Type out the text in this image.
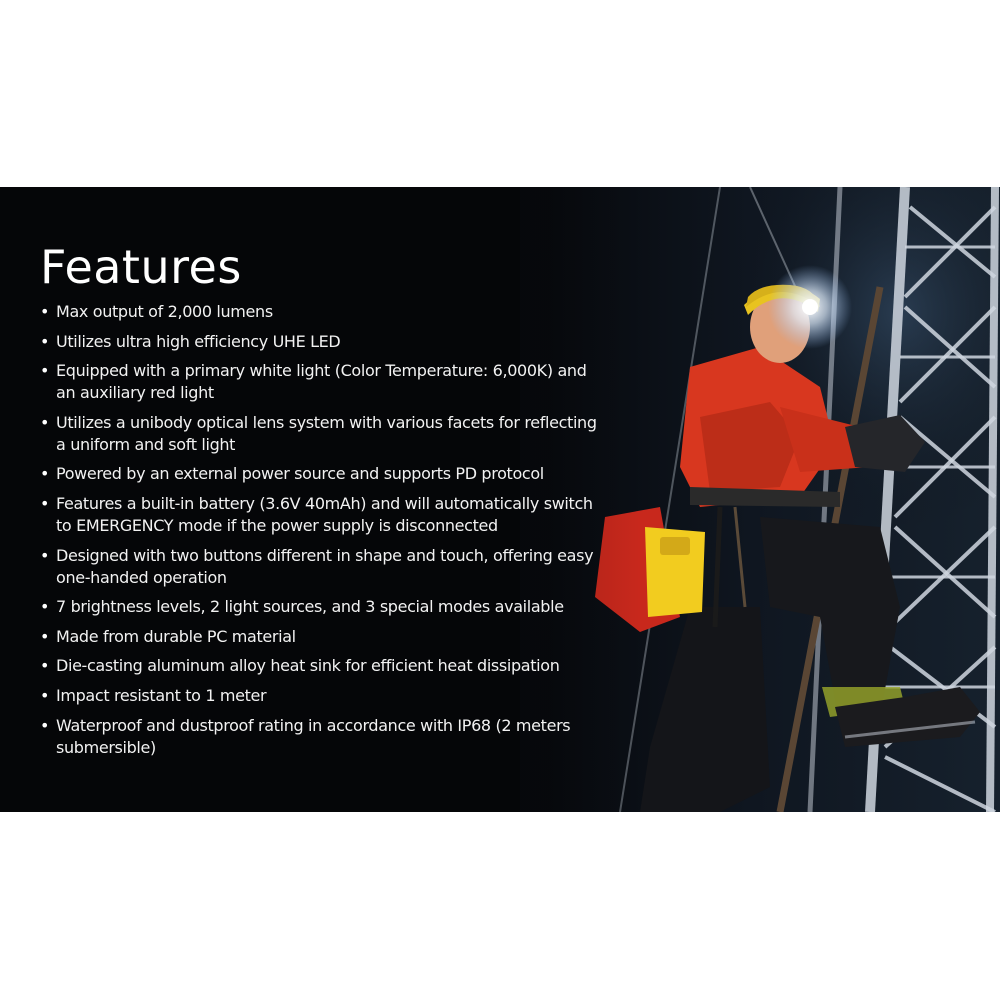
Features
• Max output of 2,000 lumens
• Utilizes ultra high efficiency UHE LED
• Equipped with a primary white light (Color Temperature: 6,000K) and an auxiliary red light
• Utilizes a unibody optical lens system with various facets for reflecting a uniform and soft light
• Powered by an external power source and supports PD protocol
• Features a built-in battery (3.6V 40mAh) and will automatically switch to EMERGENCY mode if the power supply is disconnected
• Designed with two buttons different in shape and touch, offering easy one-handed operation
• 7 brightness levels, 2 light sources, and 3 special modes available
• Made from durable PC material
• Die-casting aluminum alloy heat sink for efficient heat dissipation
• Impact resistant to 1 meter
• Waterproof and dustproof rating in accordance with IP68 (2 meters submersible)
